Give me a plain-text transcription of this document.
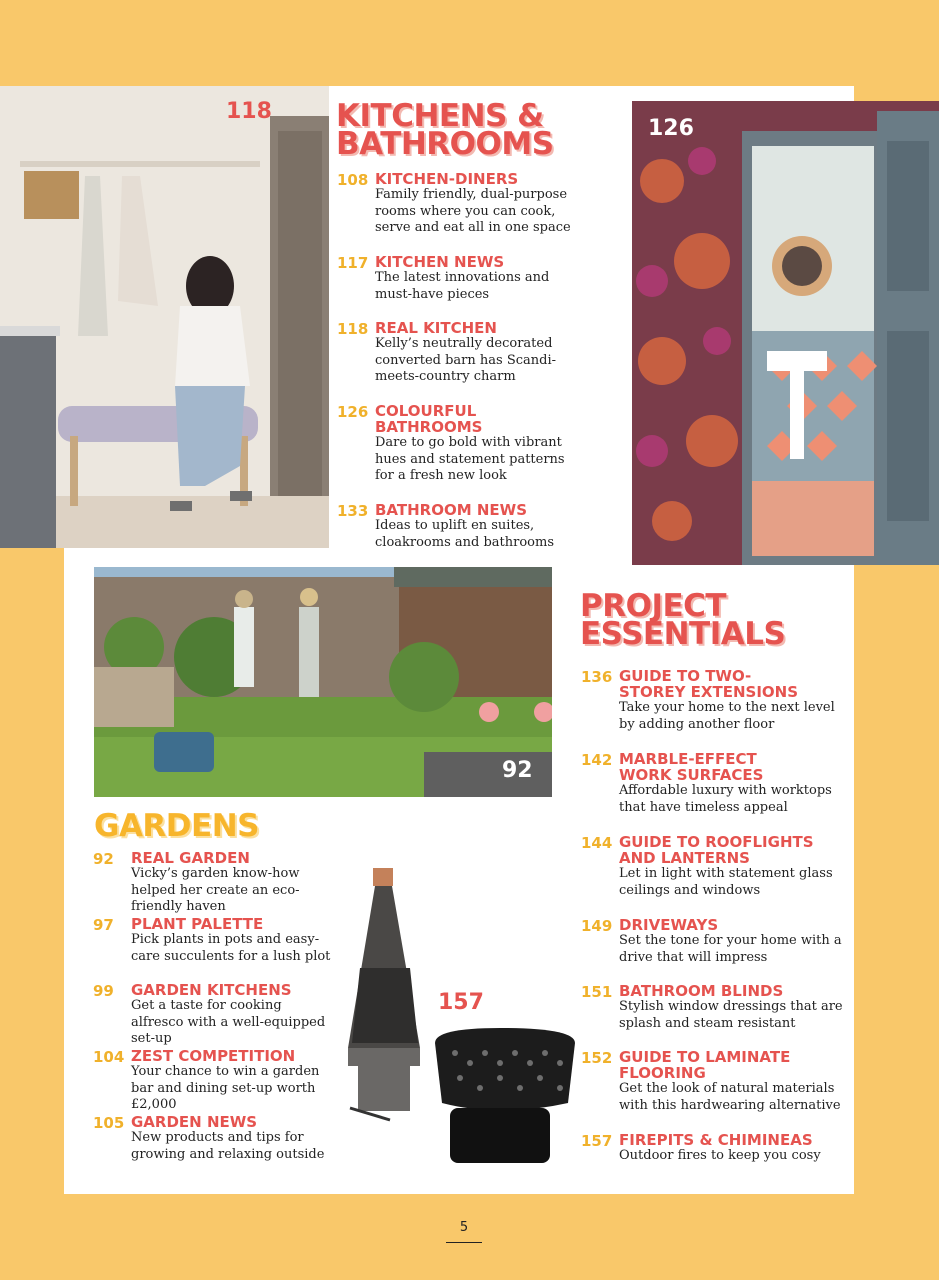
118
126
92
157
KITCHENS &
BATHROOMS
108 KITCHEN-DINERS
Family friendly, dual-purpose rooms where you can cook, serve and eat all in one space
117 KITCHEN NEWS
The latest innovations and must-have pieces
118 REAL KITCHEN
Kelly’s neutrally decorated converted barn has Scandi-meets-country charm
126 COLOURFUL BATHROOMS
Dare to go bold with vibrant hues and statement patterns for a fresh new look
133 BATHROOM NEWS
Ideas to uplift en suites, cloakrooms and bathrooms
PROJECT
ESSENTIALS
136 GUIDE TO TWO-STOREY EXTENSIONS
Take your home to the next level by adding another floor
142 MARBLE-EFFECT WORK SURFACES
Affordable luxury with worktops that have timeless appeal
144 GUIDE TO ROOFLIGHTS AND LANTERNS
Let in light with statement glass ceilings and windows
149 DRIVEWAYS
Set the tone for your home with a drive that will impress
151 BATHROOM BLINDS
Stylish window dressings that are splash and steam resistant
152 GUIDE TO LAMINATE FLOORING
Get the look of natural materials with this hardwearing alternative
157 FIREPITS & CHIMINEAS
Outdoor fires to keep you cosy
GARDENS
92 REAL GARDEN
Vicky’s garden know-how helped her create an eco-friendly haven
97 PLANT PALETTE
Pick plants in pots and easy-care succulents for a lush plot
99 GARDEN KITCHENS
Get a taste for cooking alfresco with a well-equipped set-up
104 ZEST COMPETITION
Your chance to win a garden bar and dining set-up worth £2,000
105 GARDEN NEWS
New products and tips for growing and relaxing outside
5
